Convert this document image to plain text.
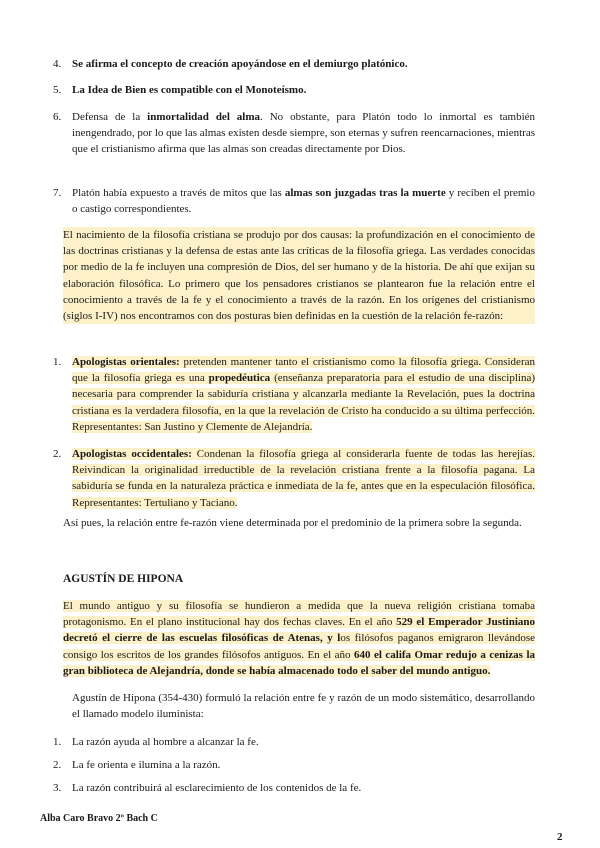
4. Se afirma el concepto de creación apoyándose en el demiurgo platónico.
5. La Idea de Bien es compatible con el Monoteísmo.
6. Defensa de la inmortalidad del alma. No obstante, para Platón todo lo inmortal es también inengendrado, por lo que las almas existen desde siempre, son eternas y sufren reencarnaciones, mientras que el cristianismo afirma que las almas son creadas directamente por Dios.
7. Platón había expuesto a través de mitos que las almas son juzgadas tras la muerte y reciben el premio o castigo correspondientes.
El nacimiento de la filosofía cristiana se produjo por dos causas: la profundización en el conocimiento de las doctrinas cristianas y la defensa de estas ante las críticas de la filosofía griega. Las verdades conocidas por medio de la fe incluyen una compresión de Dios, del ser humano y de la historia. De ahí que exijan su elaboración filosófica. Lo primero que los pensadores cristianos se plantearon fue la relación entre el conocimiento a través de la fe y el conocimiento a través de la razón. En los orígenes del cristianismo (siglos I-IV) nos encontramos con dos posturas bien definidas en la cuestión de la relación fe-razón:
1. Apologistas orientales: pretenden mantener tanto el cristianismo como la filosofía griega. Consideran que la filosofía griega es una propedéutica (enseñanza preparatoria para el estudio de una disciplina) necesaria para comprender la sabiduría cristiana y alcanzarla mediante la Revelación, pues la doctrina cristiana es la verdadera filosofía, en la que la revelación de Cristo ha conducido a su última perfección. Representantes: San Justino y Clemente de Alejandría.
2. Apologistas occidentales: Condenan la filosofía griega al considerarla fuente de todas las herejías. Reivindican la originalidad irreductible de la revelación cristiana frente a la filosofía pagana. La sabiduría se funda en la naturaleza práctica e inmediata de la fe, antes que en la especulación filosófica. Representantes: Tertuliano y Taciano.
Así pues, la relación entre fe-razón viene determinada por el predominio de la primera sobre la segunda.
AGUSTÍN DE HIPONA
El mundo antiguo y su filosofía se hundieron a medida que la nueva religión cristiana tomaba protagonismo. En el plano institucional hay dos fechas claves. En el año 529 el Emperador Justiniano decretó el cierre de las escuelas filosóficas de Atenas, y los filósofos paganos emigraron llevándose consigo los escritos de los grandes filósofos antiguos. En el año 640 el califa Omar redujo a cenizas la gran biblioteca de Alejandría, donde se había almacenado todo el saber del mundo antiguo.
Agustín de Hipona (354-430) formuló la relación entre fe y razón de un modo sistemático, desarrollando el llamado modelo iluminista:
1. La razón ayuda al hombre a alcanzar la fe.
2. La fe orienta e ilumina a la razón.
3. La razón contribuirá al esclarecimiento de los contenidos de la fe.
Alba Caro Bravo 2º Bach C
2
